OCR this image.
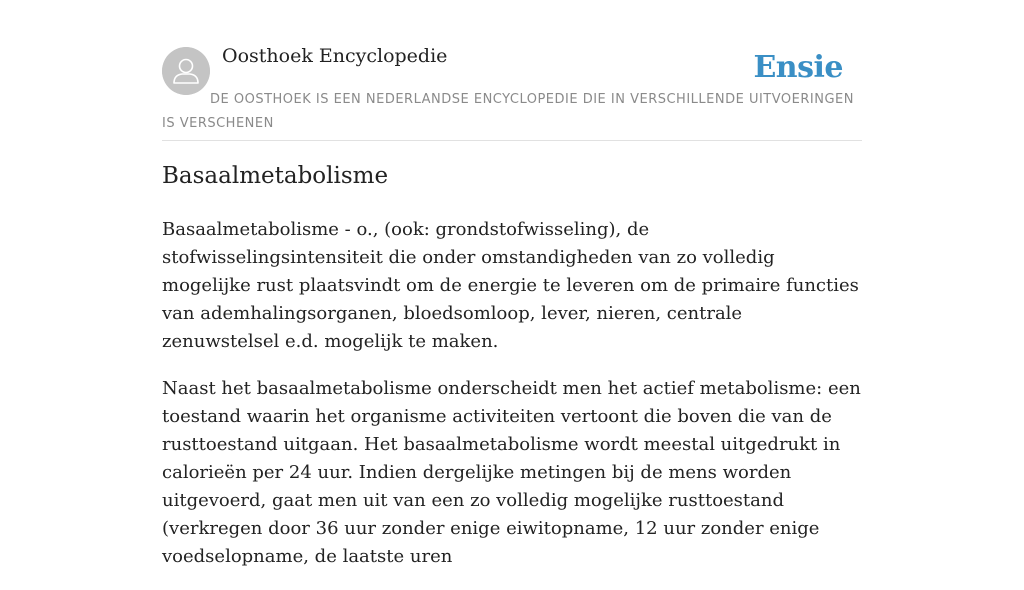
Oosthoek Encyclopedie	Ensie
DE OOSTHOEK IS EEN NEDERLANDSE ENCYCLOPEDIE DIE IN VERSCHILLENDE UITVOERINGEN IS VERSCHENEN
Basaalmetabolisme

Basaalmetabolisme - o., (ook: grondstofwisseling), de stofwisselingsintensiteit die onder omstandigheden van zo volledig mogelijke rust plaatsvindt om de energie te leveren om de primaire functies van ademhalingsorganen, bloedsomloop, lever, nieren, centrale zenuwstelsel e.d. mogelijk te maken.

Naast het basaalmetabolisme onderscheidt men het actief metabolisme: een toestand waarin het organisme activiteiten vertoont die boven die van de rusttoestand uitgaan. Het basaalmetabolisme wordt meestal uitgedrukt in calorieën per 24 uur. Indien dergelijke metingen bij de mens worden uitgevoerd, gaat men uit van een zo volledig mogelijke rusttoestand (verkregen door 36 uur zonder enige eiwitopname, 12 uur zonder enige voedselopname, de laatste uren
